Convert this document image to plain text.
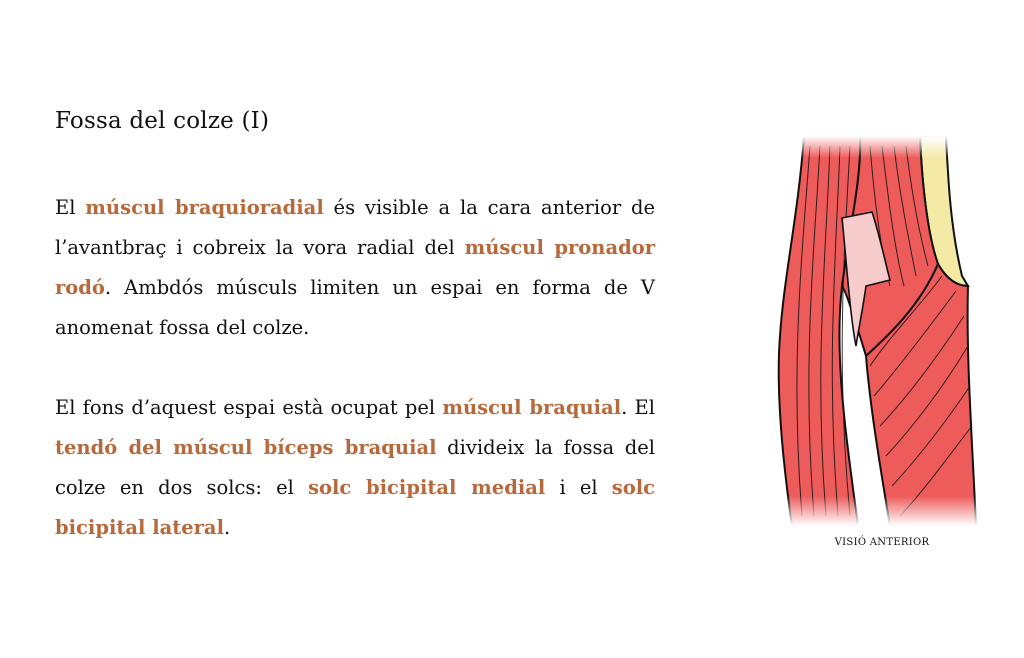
Fossa del colze (I)

El múscul braquioradial és visible a la cara anterior de l’avantbraç i cobreix la vora radial del múscul pronador rodó. Ambdós músculs limiten un espai en forma de V anomenat fossa del colze.

El fons d’aquest espai està ocupat pel múscul braquial. El tendó del múscul bíceps braquial divideix la fossa del colze en dos solcs: el solc bicipital medial i el solc bicipital lateral.

VISIÓ ANTERIOR
